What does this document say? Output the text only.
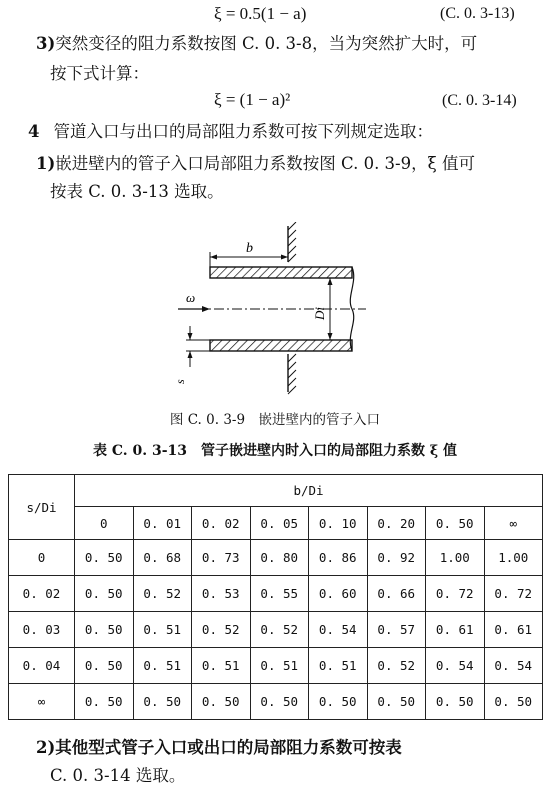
ξ = 0.5(1 − a)	(C. 0. 3-13)
3)突然变径的阻力系数按图 C. 0. 3-8，当为突然扩大时，可
按下式计算：
ξ = (1 − a)²	(C. 0. 3-14)
4 管道入口与出口的局部阻力系数可按下列规定选取：
1)嵌进壁内的管子入口局部阻力系数按图 C. 0. 3-9，ξ 值可
按表 C. 0. 3-13 选取。
ω
b
Di
s
图 C. 0. 3-9　嵌进壁内的管子入口
表 C. 0. 3-13　管子嵌进壁内时入口的局部阻力系数 ξ 值
s/Di	b/Di							
	0	0. 01	0. 02	0. 05	0. 10	0. 20	0. 50	∞
0	0. 50	0. 68	0. 73	0. 80	0. 86	0. 92	1.00	1.00
0. 02	0. 50	0. 52	0. 53	0. 55	0. 60	0. 66	0. 72	0. 72
0. 03	0. 50	0. 51	0. 52	0. 52	0. 54	0. 57	0. 61	0. 61
0. 04	0. 50	0. 51	0. 51	0. 51	0. 51	0. 52	0. 54	0. 54
∞	0. 50	0. 50	0. 50	0. 50	0. 50	0. 50	0. 50	0. 50
2)其他型式管子入口或出口的局部阻力系数可按表
C. 0. 3-14 选取。
